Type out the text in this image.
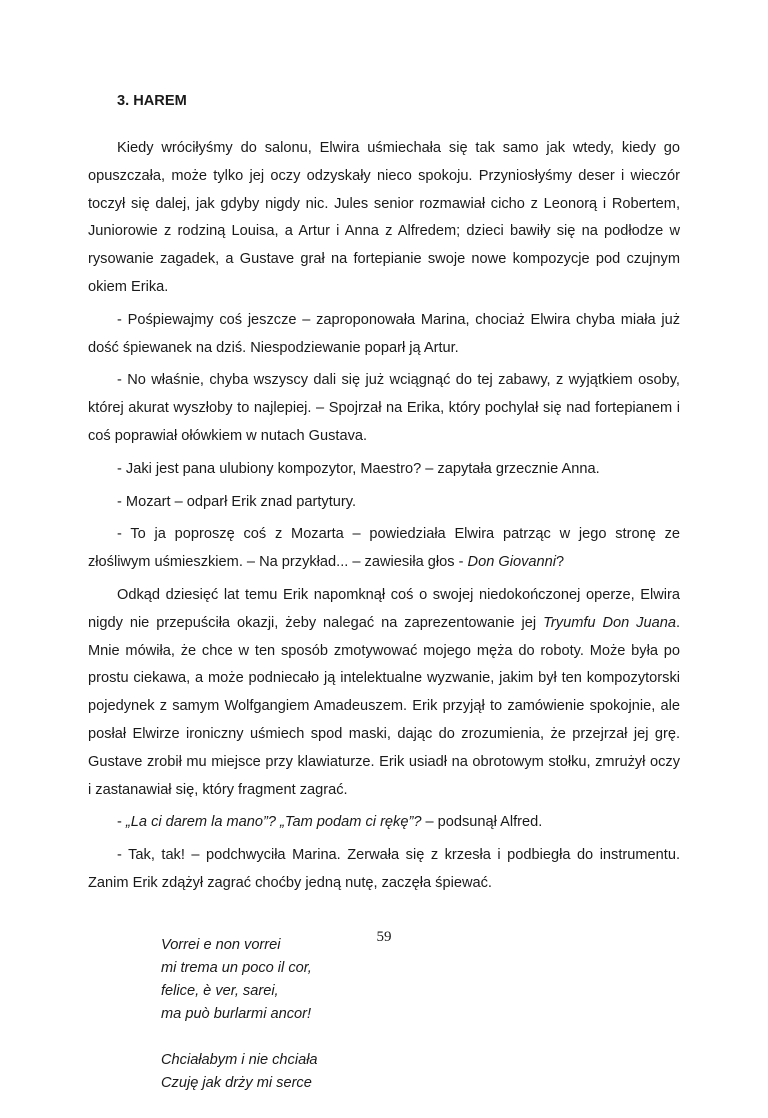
3. HAREM

Kiedy wróciłyśmy do salonu, Elwira uśmiechała się tak samo jak wtedy, kiedy go opuszczała, może tylko jej oczy odzyskały nieco spokoju. Przyniosłyśmy deser i wieczór toczył się dalej, jak gdyby nigdy nic. Jules senior rozmawiał cicho z Leonorą i Robertem, Juniorowie z rodziną Louisa, a Artur i Anna z Alfredem; dzieci bawiły się na podłodze w rysowanie zagadek, a Gustave grał na fortepianie swoje nowe kompozycje pod czujnym okiem Erika.

- Pośpiewajmy coś jeszcze – zaproponowała Marina, chociaż Elwira chyba miała już dość śpiewanek na dziś. Niespodziewanie poparł ją Artur.

- No właśnie, chyba wszyscy dali się już wciągnąć do tej zabawy, z wyjątkiem osoby, której akurat wyszłoby to najlepiej. – Spojrzał na Erika, który pochylał się nad fortepianem i coś poprawiał ołówkiem w nutach Gustava.

- Jaki jest pana ulubiony kompozytor, Maestro? – zapytała grzecznie Anna.

- Mozart – odparł Erik znad partytury.

- To ja poproszę coś z Mozarta – powiedziała Elwira patrząc w jego stronę ze złośliwym uśmieszkiem. – Na przykład... – zawiesiła głos - Don Giovanni?

Odkąd dziesięć lat temu Erik napomknął coś o swojej niedokończonej operze, Elwira nigdy nie przepuściła okazji, żeby nalegać na zaprezentowanie jej Tryumfu Don Juana. Mnie mówiła, że chce w ten sposób zmotywować mojego męża do roboty. Może była po prostu ciekawa, a może podniecało ją intelektualne wyzwanie, jakim był ten kompozytorski pojedynek z samym Wolfgangiem Amadeuszem. Erik przyjął to zamówienie spokojnie, ale posłał Elwirze ironiczny uśmiech spod maski, dając do zrozumienia, że przejrzał jej grę. Gustave zrobił mu miejsce przy klawiaturze. Erik usiadł na obrotowym stołku, zmrużył oczy i zastanawiał się, który fragment zagrać.

- „La ci darem la mano”? „Tam podam ci rękę”? – podsunął Alfred.

- Tak, tak! – podchwyciła Marina. Zerwała się z krzesła i podbiegła do instrumentu. Zanim Erik zdążył zagrać choćby jedną nutę, zaczęła śpiewać.

Vorrei e non vorrei
mi trema un poco il cor,
felice, è ver, sarei,
ma può burlarmi ancor!
Chciałabym i nie chciała
Czuję jak drży mi serce
59
